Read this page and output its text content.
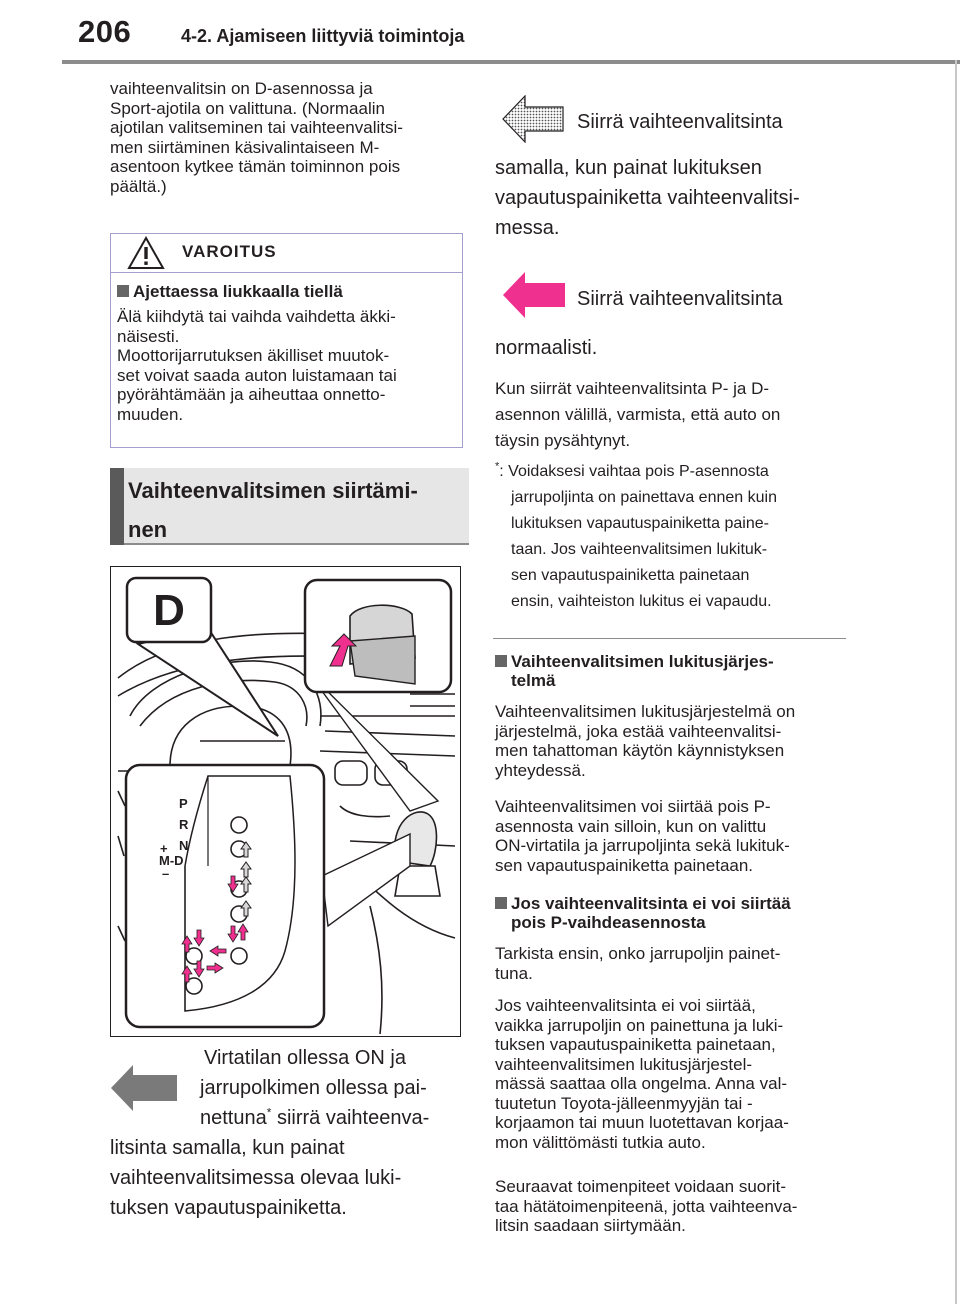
206	4-2. Ajamiseen liittyviä toimintoja
vaihteenvalitsin on D-asennossa ja
Sport-ajotila on valittuna. (Normaalin
ajotilan valitseminen tai vaihteenvalitsi-
men siirtäminen käsivalintaiseen M-
asentoon kytkee tämän toiminnon pois
päältä.)
VAROITUS
Ajettaessa liukkaalla tiellä
Älä kiihdytä tai vaihda vaihdetta äkki-
näisesti.
Moottorijarrutuksen äkilliset muutok-
set voivat saada auton luistamaan tai
pyörähtämään ja aiheuttaa onnetto-
muuden.
Vaihteenvalitsimen siirtämi-
nen
D
P
R
N
+
M-D
–
Virtatilan ollessa ON ja
jarrupolkimen ollessa pai-
nettuna* siirrä vaihteenva-
litsinta samalla, kun painat
vaihteenvalitsimessa olevaa luki-
tuksen vapautuspainiketta.
Siirrä vaihteenvalitsinta
samalla, kun painat lukituksen
vapautuspainiketta vaihteenvalitsi-
messa.
Siirrä vaihteenvalitsinta
normaalisti.
Kun siirrät vaihteenvalitsinta P- ja D-
asennon välillä, varmista, että auto on
täysin pysähtynyt.
*: Voidaksesi vaihtaa pois P-asennosta
jarrupoljinta on painettava ennen kuin
lukituksen vapautuspainiketta paine-
taan. Jos vaihteenvalitsimen lukituk-
sen vapautuspainiketta painetaan
ensin, vaihteiston lukitus ei vapaudu.
Vaihteenvalitsimen lukitusjärjes-
telmä
Vaihteenvalitsimen lukitusjärjestelmä on
järjestelmä, joka estää vaihteenvalitsi-
men tahattoman käytön käynnistyksen
yhteydessä.
Vaihteenvalitsimen voi siirtää pois P-
asennosta vain silloin, kun on valittu
ON-virtatila ja jarrupoljinta sekä lukituk-
sen vapautuspainiketta painetaan.
Jos vaihteenvalitsinta ei voi siirtää
pois P-vaihdeasennosta
Tarkista ensin, onko jarrupoljin painet-
tuna.
Jos vaihteenvalitsinta ei voi siirtää,
vaikka jarrupoljin on painettuna ja luki-
tuksen vapautuspainiketta painetaan,
vaihteenvalitsimen lukitusjärjestel-
mässä saattaa olla ongelma. Anna val-
tuutetun Toyota-jälleenmyyjän tai -
korjaamon tai muun luotettavan korjaa-
mon välittömästi tutkia auto.
Seuraavat toimenpiteet voidaan suorit-
taa hätätoimenpiteenä, jotta vaihteenva-
litsin saadaan siirtymään.
